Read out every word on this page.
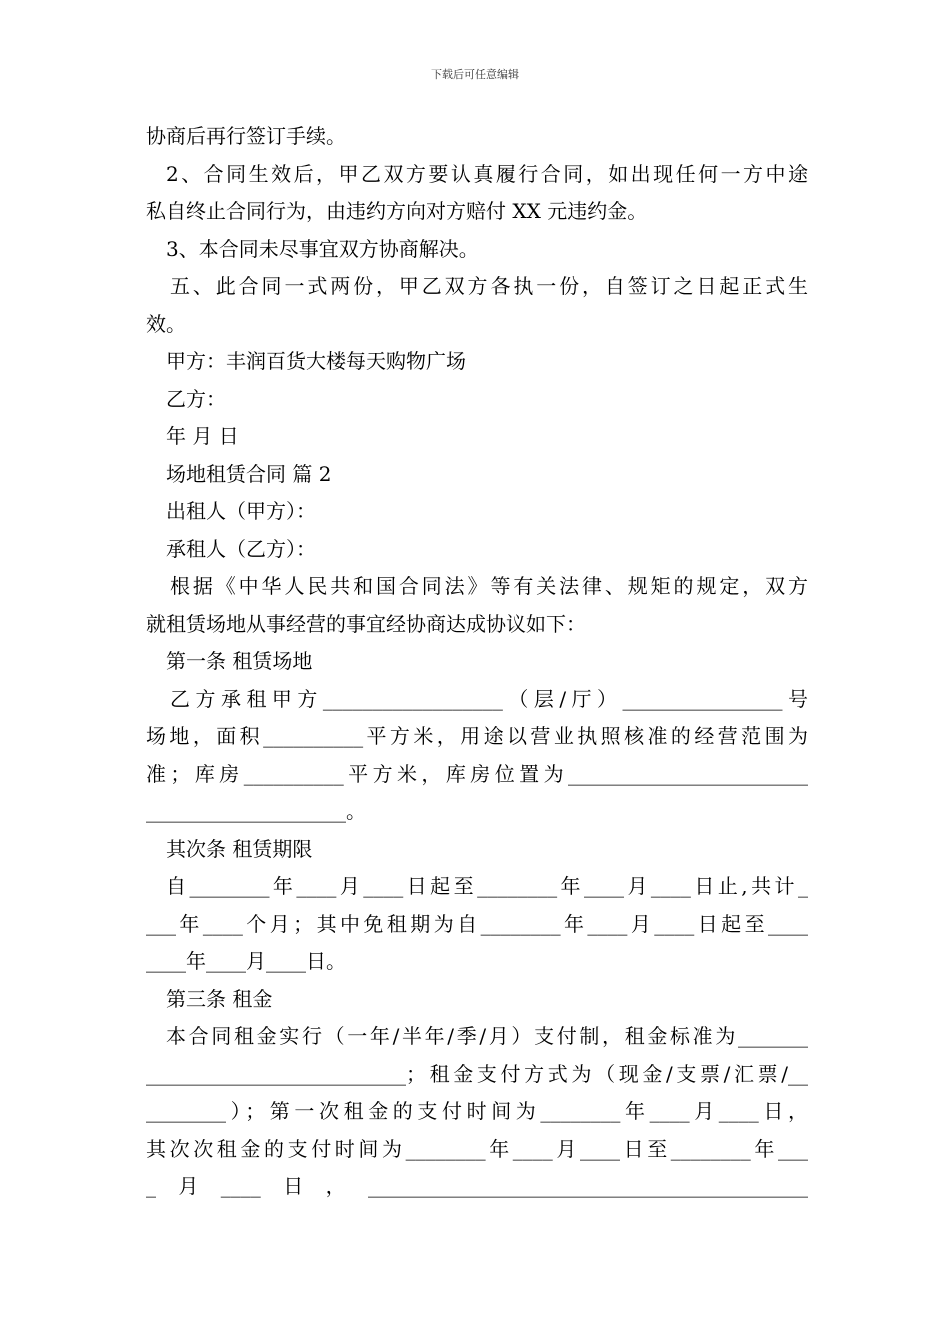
下载后可任意编辑
协商后再行签订手续。
2、合同生效后，甲乙双方要认真履行合同，如出现任何一方中途
私自终止合同行为，由违约方向对方赔付 XX 元违约金。
3、本合同未尽事宜双方协商解决。
五、此合同一式两份，甲乙双方各执一份，自签订之日起正式生
效。
甲方：丰润百货大楼每天购物广场
乙方：
年 月 日
场地租赁合同 篇 2
出租人（甲方）：
承租人（乙方）：
根据《中华人民共和国合同法》等有关法律、规矩的规定，双方
就租赁场地从事经营的事宜经协商达成协议如下：
第一条 租赁场地
乙方承租甲方__________________（层/厅）________________号
场地，面积__________平方米，用途以营业执照核准的经营范围为
准；库房__________平方米，库房位置为________________________
____________________。
其次条 租赁期限
自________年____月____日起至________年____月____日止,共计_
___年____个月；其中免租期为自________年____月____日起至____
____年____月____日。
第三条 租金
本合同租金实行（一年/半年/季/月）支付制，租金标准为_______
__________________________；租金支付方式为（现金/支票/汇票/__
________）；第一次租金的支付时间为________年____月____日，
其次次租金的支付时间为________年____月____日至________年___
_月____日，____________________________________________
